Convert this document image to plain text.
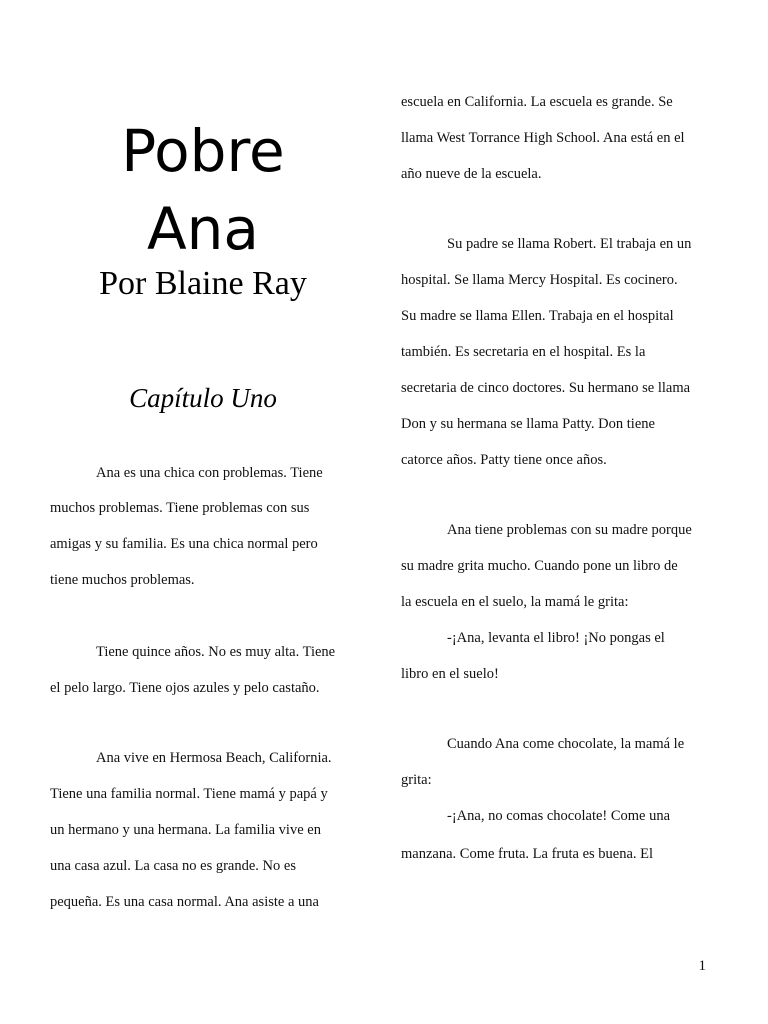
Pobre
Ana
Por Blaine Ray
Capítulo Uno
Ana es una chica con problemas. Tiene
muchos problemas. Tiene problemas con sus
amigas y su familia. Es una chica normal pero
tiene muchos problemas.
Tiene quince años. No es muy alta. Tiene
el pelo largo. Tiene ojos azules y pelo castaño.
Ana vive en Hermosa Beach, California.
Tiene una familia normal. Tiene mamá y papá y
un hermano y una hermana. La familia vive en
una casa azul. La casa no es grande. No es
pequeña. Es una casa normal. Ana asiste a una
escuela en California. La escuela es grande. Se
llama West Torrance High School. Ana está en el
año nueve de la escuela.
Su padre se llama Robert. El trabaja en un
hospital. Se llama Mercy Hospital. Es cocinero.
Su madre se llama Ellen. Trabaja en el hospital
también. Es secretaria en el hospital. Es la
secretaria de cinco doctores. Su hermano se llama
Don y su hermana se llama Patty. Don tiene
catorce años. Patty tiene once años.
Ana tiene problemas con su madre porque
su madre grita mucho. Cuando pone un libro de
la escuela en el suelo, la mamá le grita:
-¡Ana, levanta el libro! ¡No pongas el
libro en el suelo!
Cuando Ana come chocolate, la mamá le
grita:
-¡Ana, no comas chocolate! Come una
manzana. Come fruta. La fruta es buena. El
1
